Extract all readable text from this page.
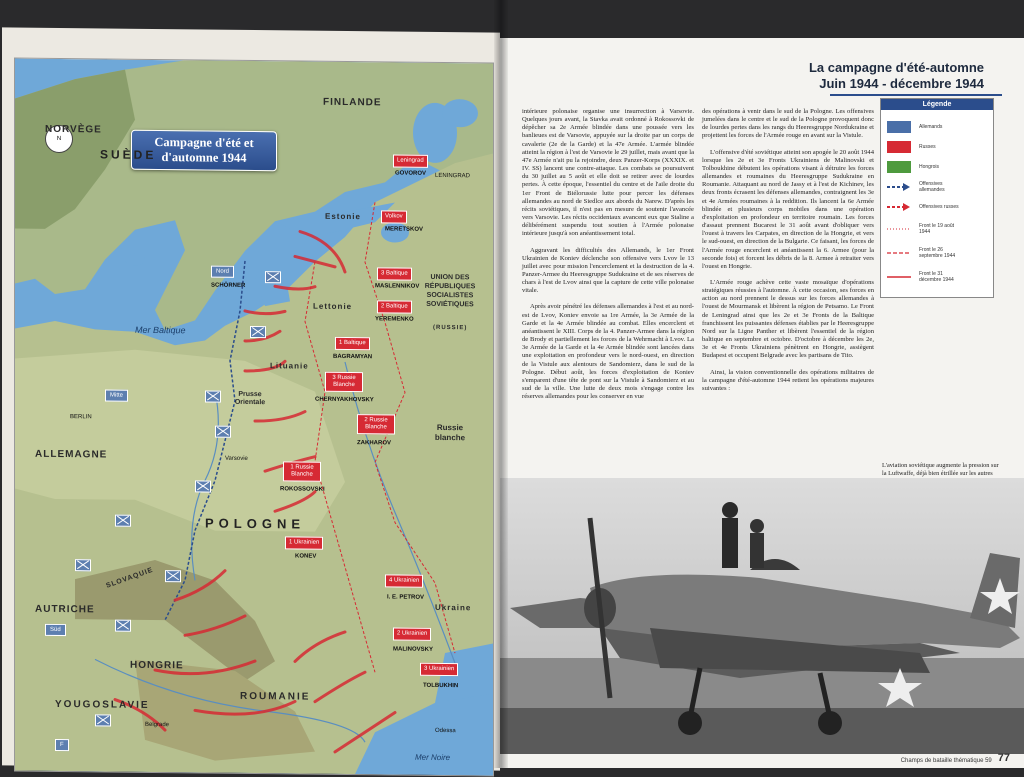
N	Campagne d'été et d'automne 1944
FINLANDE
NORVÈGE
SUÈDE
Estonie
Lettonie
Lituanie
UNION DES RÉPUBLIQUES SOCIALISTES SOVIÉTIQUES
(RUSSIE)
Mer Baltique
Prusse Orientale
ALLEMAGNE
POLOGNE
Russie blanche
Ukraine
SLOVAQUIE
HONGRIE
ROUMANIE
AUTRICHE
YOUGOSLAVIE
Mer Noire
BERLIN
Varsovie
LENINGRAD
Odessa
Belgrade
Leningrad
Volkov
3 Baltique
2 Baltique
1 Baltique
3 Russie Blanche
2 Russie Blanche
1 Russie Blanche
1 Ukrainien
4 Ukrainien
2 Ukrainien
3 Ukrainien
GOVOROV
MERETSKOV
MASLENNIKOV
YEREMENKO
BAGRAMYAN
CHERNYAKHOVSKY
ZAKHAROV
ROKOSSOVSKI
KONEV
I. E. PETROV
MALINOVSKY
TOLBUKHIN
SCHÖRNER
Nord
Mitte
Süd
F
La campagne d'été-automne
Juin 1944 - décembre 1944

intérieure polonaise organise une insurrection à Varsovie. Quelques jours avant, la Stavka avait ordonné à Rokossovki de dépêcher sa 2e Armée blindée dans une poussée vers les banlieues est de Varsovie, appuyée sur la droite par un corps de cavalerie (2e de la Garde) et la 47e Armée. L'armée blindée atteint la région à l'est de Varsovie le 29 juillet, mais avant que la 47e Armée n'ait pu la rejoindre, deux Panzer-Korps (XXXIX. et IV. SS) lancent une contre-attaque. Les combats se poursuivent du 30 juillet au 5 août et elle doit se retirer avec de lourdes pertes. À cette époque, l'essentiel du centre et de l'aile droite du 1er Front de Biélorussie lutte pour percer les défenses allemandes au nord de Siedlce aux abords du Narew. D'après les récits soviétiques, il n'est pas en mesure de soutenir l'avancée vers Varsovie. Les récits occidentaux avancent eux que Staline a délibérément suspendu tout soutien à l'Armée polonaise intérieure jusqu'à son anéantissement total.

Aggravant les difficultés des Allemands, le 1er Front Ukrainien de Koniev déclenche son offensive vers Lvov le 13 juillet avec pour mission l'encerclement et la destruction de la 4. Panzer-Armee du Heeresgruppe Sudukraine et de ses réserves de chars à l'est de Lvov ainsi que la capture de cette ville polonaise vitale.

Après avoir pénétré les défenses allemandes à l'est et au nord-est de Lvov, Koniev envoie sa 1re Armée, la 3e Armée de la Garde et la 4e Armée blindée au combat. Elles encerclent et anéantissent le XIII. Corps de la 4. Panzer-Armee dans la région de Brody et partiellement les forces de la Wehrmacht à Lvov. La 3e Armée de la Garde et la 4e Armée blindée sont lancées dans une exploitation en profondeur vers le nord-ouest, en direction de la Vistule aux alentours de Sandomierz, dans le sud de la Pologne. Début août, les forces d'exploitation de Koniev s'emparent d'une tête de pont sur la Vistule à Sandomierz et au sud de la ville. Une lutte de deux mois s'engage contre les réserves allemandes pour les conserver en vue

des opérations à venir dans le sud de la Pologne. Les offensives jumelées dans le centre et le sud de la Pologne provoquent donc de lourdes pertes dans les rangs du Heeresgruppe Nordukraine et projettent les forces de l'Armée rouge en avant sur la Vistule.

L'offensive d'été soviétique atteint son apogée le 20 août 1944 lorsque les 2e et 3e Fronts Ukrainiens de Malinovski et Tolboukhine débutent les opérations visant à détruire les forces allemandes et roumaines du Heeresgruppe Sudukraine en Roumanie. Attaquant au nord de Jassy et à l'est de Kichinev, les deux fronts écrasent les défenses allemandes, contraignent les 3e et 4e Armées roumaines à la reddition. Ils lancent la 6e Armée blindée et plusieurs corps mobiles dans une opération d'exploitation en profondeur en territoire roumain. Les forces d'assaut prennent Bucarest le 31 août avant d'obliquer vers l'ouest à travers les Carpates, en direction de la Hongrie, et vers le sud-ouest, en direction de la Bulgarie. Ce faisant, les forces de l'Armée rouge encerclent et anéantissent la 6. Armee (pour la seconde fois) et forcent les débris de la 8. Armee à retraiter vers l'ouest en Hongrie.

L'Armée rouge achève cette vaste mosaïque d'opérations stratégiques réussies à l'automne. À cette occasion, ses forces en action au nord prennent le dessus sur les forces allemandes à l'ouest de Mourmansk et libèrent la région de Petsamo. Le Front de Leningrad ainsi que les 2e et 3e Fronts de la Baltique franchissent les puissantes défenses établies par le Heeresgruppe Nord sur la Ligne Panther et libèrent l'essentiel de la région baltique en septembre et octobre. D'octobre à décembre les 2e, 3e et 4e Fronts Ukrainiens pénètrent en Hongrie, assiègent Budapest et occupent Belgrade avec les partisans de Tito.

Ainsi, la vision conventionnelle des opérations militaires de la campagne d'été-automne 1944 retient les opérations majeures suivantes :

Légende
Allemands
Russes
Hongrois
Offensives allemandes
Offensives russes
Front le 19 août 1944
Front le 26 septembre 1944
Front le 31 décembre 1944
L'aviation soviétique augmente la pression sur la Luftwaffe, déjà bien étrillée sur les autres
Champs de bataille thématique 59 77
